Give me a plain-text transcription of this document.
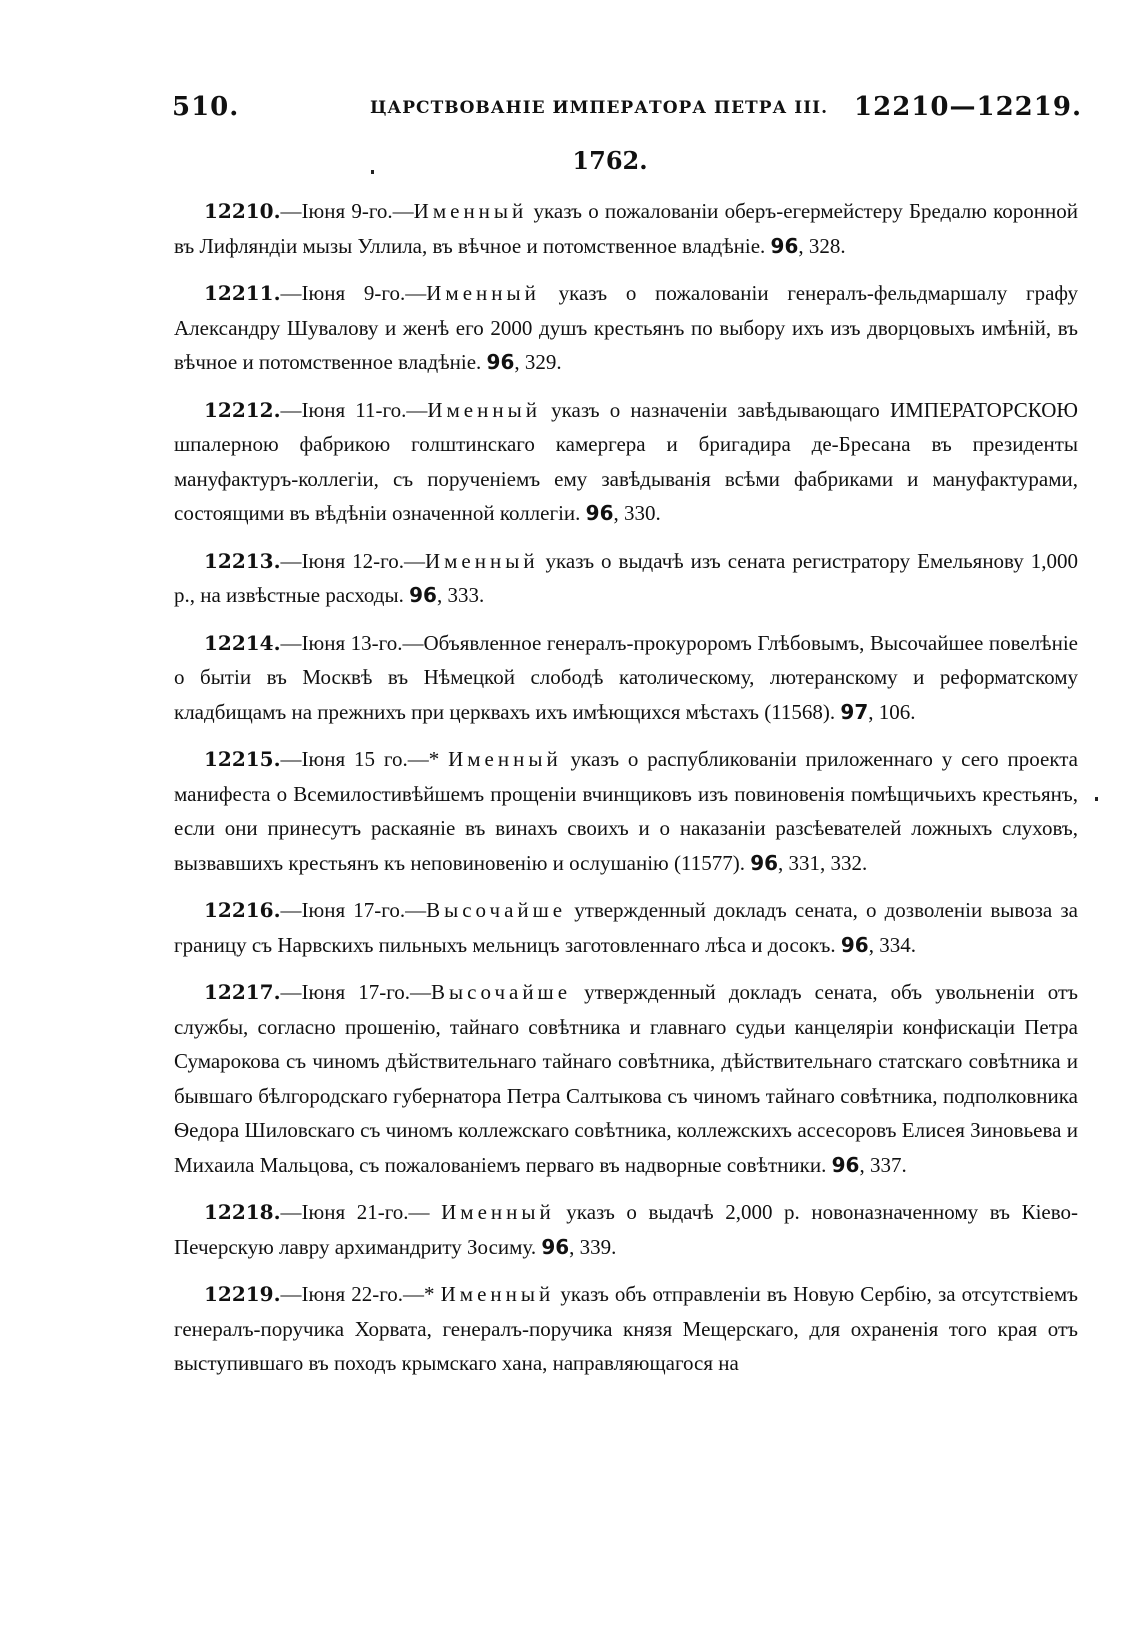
510.	ЦАРСТВОВАНІЕ ИМПЕРАТОРА ПЕТРА III. 12210—12219.
1762.

12210.—Іюня 9-го.—Именный указъ о пожалованіи оберъ-егермейстеру Бредалю коронной въ Лифляндіи мызы Уллила, въ вѣчное и потомственное владѣніе. 96, 328.

12211.—Іюня 9-го.—Именный указъ о пожалованіи генералъ-фельдмаршалу графу Александру Шувалову и женѣ его 2000 душъ крестьянъ по выбору ихъ изъ дворцовыхъ имѣній, въ вѣчное и потомственное владѣніе. 96, 329.

12212.—Іюня 11-го.—Именный указъ о назначеніи завѣдывающаго ИМПЕРАТОРСКОЮ шпалерною фабрикою голштинскаго камергера и бригадира де-Бресана въ президенты мануфактуръ-коллегіи, съ порученіемъ ему завѣдыванія всѣми фабриками и мануфактурами, состоящими въ вѣдѣніи означенной коллегіи. 96, 330.

12213.—Іюня 12-го.—Именный указъ о выдачѣ изъ сената регистратору Емельянову 1,000 р., на извѣстные расходы. 96, 333.

12214.—Іюня 13-го.—Объявленное генералъ-прокуроромъ Глѣбовымъ, Высочайшее повелѣніе о бытіи въ Москвѣ въ Нѣмецкой слободѣ католическому, лютеранскому и реформатскому кладбищамъ на прежнихъ при церквахъ ихъ имѣющихся мѣстахъ (11568). 97, 106.

12215.—Іюня 15 го.—* Именный указъ о распубликованіи приложеннаго у сего проекта манифеста о Всемилостивѣйшемъ прощеніи вчинщиковъ изъ повиновенія помѣщичьихъ крестьянъ, если они принесутъ раскаяніе въ винахъ своихъ и о наказаніи разсѣевателей ложныхъ слуховъ, вызвавшихъ крестьянъ къ неповиновенію и ослушанію (11577). 96, 331, 332.

12216.—Іюня 17-го.—Высочайше утвержденный докладъ сената, о дозволеніи вывоза за границу съ Нарвскихъ пильныхъ мельницъ заготовленнаго лѣса и досокъ. 96, 334.

12217.—Іюня 17-го.—Высочайше утвержденный докладъ сената, объ увольненіи отъ службы, согласно прошенію, тайнаго совѣтника и главнаго судьи канцеляріи конфискаціи Петра Сумарокова съ чиномъ дѣйствительнаго тайнаго совѣтника, дѣйствительнаго статскаго совѣтника и бывшаго бѣлгородскаго губернатора Петра Салтыкова съ чиномъ тайнаго совѣтника, подполковника Ѳедора Шиловскаго съ чиномъ коллежскаго совѣтника, коллежскихъ ассесоровъ Елисея Зиновьева и Михаила Мальцова, съ пожалованіемъ перваго въ надворные совѣтники. 96, 337.

12218.—Іюня 21-го.— Именный указъ о выдачѣ 2,000 р. новоназначенному въ Кіево-Печерскую лавру архимандриту Зосиму. 96, 339.

12219.—Іюня 22-го.—* Именный указъ объ отправленіи въ Новую Сербію, за отсутствіемъ генералъ-поручика Хорвата, генералъ-поручика князя Мещерскаго, для охраненія того края отъ выступившаго въ походъ крымскаго хана, направляющагося на
